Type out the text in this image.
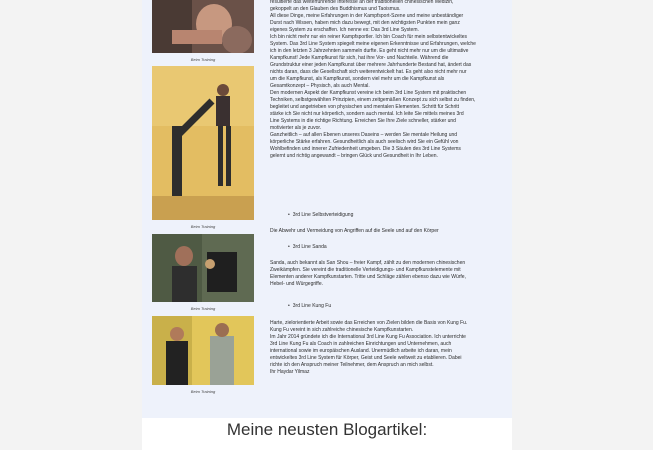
Beim Training
Beim Training
Beim Training
Beim Training
resultierte das weiterführende Interesse an der traditionellen chinesischen Medizin,
gekoppelt an den Glauben des Buddhismus und Taoismus.
All diese Dinge, meine Erfahrungen in der Kampfsport-Szene und meine unbeständiger
Durst nach Wissen, haben mich dazu bewegt, mit den wichtigsten Punkten mein ganz
eigenes System zu erschaffen. Ich nenne es: Das 3rd Line System.
Ich bin nicht mehr nur ein reiner Kampfsportler. Ich bin Coach für mein selbstentwickeltes
System. Das 3rd Line System spiegelt meine eigenen Erkenntnisse und Erfahrungen, welche
ich in den letzten 3 Jahrzehnten sammeln durfte. Es geht nicht mehr nur um die ultimative
Kampfkunst! Jede Kampfkunst für sich, hat ihre Vor- und Nachteile. Während die
Grundstruktur einer jeden Kampfkunst über mehrere Jahrhunderte Bestand hat, ändert das
nichts daran, dass die Gesellschaft sich weiterentwickelt hat. Es geht also nicht mehr nur
um die Kampfkunst, als Kampfkunst, sondern viel mehr um die Kampfkunst als
Gesamtkonzept – Physisch, als auch Mental.
Den modernen Aspekt der Kampfkunst vereine ich beim 3rd Line System mit praktischen
Techniken, selbstgewählten Prinzipien, einem zeitgemäßen Konzept zu sich selbst zu finden,
begleitet und angetrieben von physischen und mentalen Elementen. Schritt für Schritt
stärke ich Sie nicht nur körperlich, sondern auch mental. Ich leite Sie mittels meines 3rd
Line Systems in die richtige Richtung. Erreichen Sie Ihre Ziele schneller, stärker und
motivierter als je zuvor.
Ganzheitlich – auf allen Ebenen unseres Daseins – werden Sie mentale Heilung und
körperliche Stärke erfahren. Gesundheitlich als auch seelisch wird Sie ein Gefühl von
Wohlbefinden und innerer Zufriedenheit umgeben. Die 3 Säulen des 3rd Line Systems
gelernt und richtig angewandt – bringen Glück und Gesundheit in Ihr Leben.
• 3rd Line Selbstverteidigung
Die Abwehr und Vermeidung von Angriffen auf die Seele und auf den Körper
• 3rd Line Sanda
Sanda, auch bekannt als San Shou – freier Kampf, zählt zu den modernen chinesischen
Zweikämpfen. Sie vereint die traditionelle Verteidigungs- und Kampfkunstelemente mit
Elementen anderer Kampfkunstarten. Tritte und Schläge zählen ebenso dazu wie Würfe,
Hebel- und Würgegriffe.
• 3rd Line Kung Fu
Harte, zielorientierte Arbeit sowie das Erreichen von Zielen bilden die Basis von Kung Fu.
Kung Fu vereint in sich zahlreiche chinesische Kampfkunstarten.
Im Jahr 2014 gründete ich die International 3rd Line Kung Fu Association. Ich unterrichte
3rd Line Kung Fu als Coach in zahlreichen Einrichtungen und Unternehmen, auch
international sowie im europäischen Ausland. Unermüdlich arbeite ich daran, mein
entwickeltes 3rd Line System für Körper, Geist und Seele weltweit zu etablieren. Dabei
richte ich den Anspruch meiner Teilnehmer, dem Anspruch an mich selbst.
Ihr Haydar Yilmaz
Meine neusten Blogartikel:
